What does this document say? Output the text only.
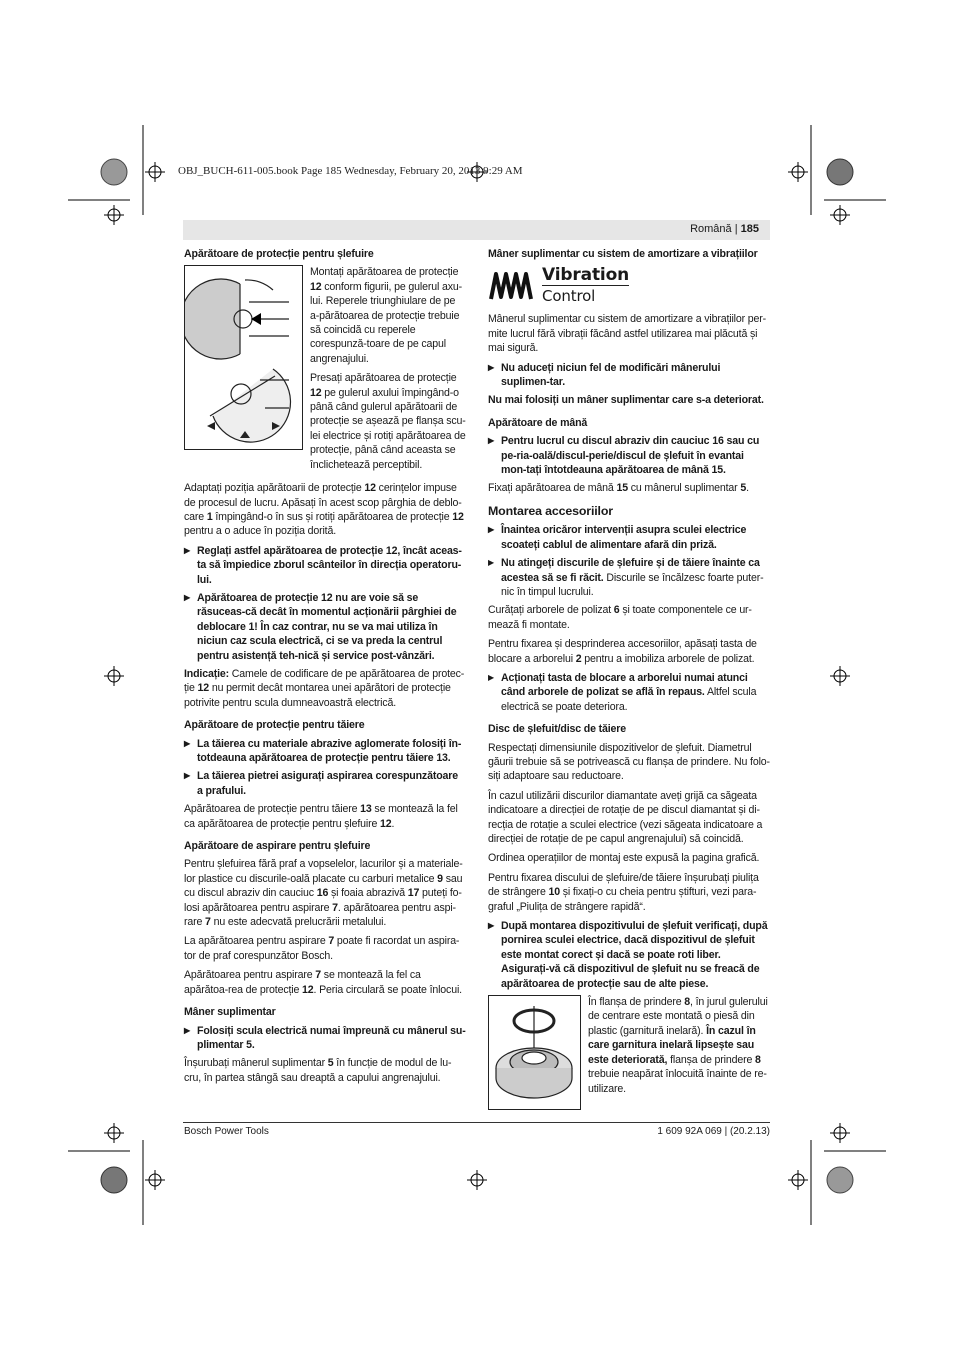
OBJ_BUCH-611-005.book Page 185 Wednesday, February 20, 2013 9:29 AM
Română | 185
Apărătoare de protecție pentru șlefuire

Montați apărătoarea de protecție 12 conform figurii, pe gulerul axu-lui. Reperele triunghiulare de pe a-părătoarea de protecție trebuie să coincidă cu reperele corespunză-toare de pe capul angrenajului.

Presați apărătoarea de protecție 12 pe gulerul axului împingând-o până când gulerul apărătoarii de protecție se așează pe flanșa scu-lei electrice și rotiți apărătoarea de protecție, până când aceasta se înclichetează perceptibil.

Adaptați poziția apărătoarii de protecție 12 cerințelor impuse de procesul de lucru. Apăsați în acest scop pârghia de deblo-care 1 împingând-o în sus și rotiți apărătoarea de protecție 12 pentru a o aduce în poziția dorită.

▶ Reglați astfel apărătoarea de protecție 12, încât aceas-ta să împiedice zborul scânteilor în direcția operatoru-lui.
▶ Apărătoarea de protecție 12 nu are voie să se răsuceas-că decât în momentul acționării pârghiei de deblocare 1! În caz contrar, nu se va mai utiliza în niciun caz scula electrică, ci se va preda la centrul pentru asistență teh-nică și service post-vânzări.

Indicație: Camele de codificare de pe apărătoarea de protec-ție 12 nu permit decât montarea unei apărători de protecție potrivite pentru scula dumneavoastră electrică.

Apărătoare de protecție pentru tăiere
▶ La tăierea cu materiale abrazive aglomerate folosiți în-totdeauna apărătoarea de protecție pentru tăiere 13.
▶ La tăierea pietrei asigurați aspirarea corespunzătoare a prafului.

Apărătoarea de protecție pentru tăiere 13 se montează la fel ca apărătoarea de protecție pentru șlefuire 12.

Apărătoare de aspirare pentru șlefuire

Pentru șlefuirea fără praf a vopselelor, lacurilor și a materiale-lor plastice cu discurile-oală placate cu carburi metalice 9 sau cu discul abraziv din cauciuc 16 și foaia abrazivă 17 puteți fo-losi apărătoarea pentru aspirare 7. apărătoarea pentru aspi-rare 7 nu este adecvată prelucrării metalului.

La apărătoarea pentru aspirare 7 poate fi racordat un aspira-tor de praf corespunzător Bosch.

Apărătoarea pentru aspirare 7 se montează la fel ca apărătoa-rea de protecție 12. Peria circulară se poate înlocui.

Mâner suplimentar
▶ Folosiți scula electrică numai împreună cu mânerul su-plimentar 5.

Înșurubați mânerul suplimentar 5 în funcție de modul de lu-cru, în partea stângă sau dreaptă a capului angrenajului.

Mâner suplimentar cu sistem de amortizare a vibrațiilor
Vibration
Control

Mânerul suplimentar cu sistem de amortizare a vibrațiilor per-mite lucrul fără vibrații făcând astfel utilizarea mai plăcută și mai sigură.

▶ Nu aduceți niciun fel de modificări mânerului suplimen-tar.

Nu mai folosiți un mâner suplimentar care s-a deteriorat.

Apărătoare de mână
▶ Pentru lucrul cu discul abraziv din cauciuc 16 sau cu pe-ria-oală/discul-perie/discul de șlefuit în evantai mon-tați întotdeauna apărătoarea de mână 15.

Fixați apărătoarea de mână 15 cu mânerul suplimentar 5.

Montarea accesoriilor
▶ Înaintea oricăror intervenții asupra sculei electrice scoateți cablul de alimentare afară din priză.
▶ Nu atingeți discurile de șlefuire și de tăiere înainte ca acestea să se fi răcit. Discurile se încălzesc foarte puter-nic în timpul lucrului.

Curățați arborele de polizat 6 și toate componentele ce ur-mează fi montate.

Pentru fixarea și desprinderea accesoriilor, apăsați tasta de blocare a arborelui 2 pentru a imobiliza arborele de polizat.

▶ Acționați tasta de blocare a arborelui numai atunci când arborele de polizat se află în repaus. Altfel scula electrică se poate deteriora.
Disc de șlefuit/disc de tăiere

Respectați dimensiunile dispozitivelor de șlefuit. Diametrul găurii trebuie să se potrivească cu flanșa de prindere. Nu folo-siți adaptoare sau reductoare.

În cazul utilizării discurilor diamantate aveți grijă ca săgeata indicatoare a direcției de rotație de pe discul diamantat și di-recția de rotație a sculei electrice (vezi săgeata indicatoare a direcției de rotație de pe capul angrenajului) să coincidă.

Ordinea operațiilor de montaj este expusă la pagina grafică.

Pentru fixarea discului de șlefuire/de tăiere înșurubați piulița de strângere 10 și fixați-o cu cheia pentru știfturi, vezi para-graful „Piulița de strângere rapidă“.

▶ După montarea dispozitivului de șlefuit verificați, după pornirea sculei electrice, dacă dispozitivul de șlefuit este montat corect și dacă se poate roti liber. Asigurați-vă că dispozitivul de șlefuit nu se freacă de apărătoarea de protecție sau de alte piese.

În flanșa de prindere 8, în jurul gulerului de centrare este montată o piesă din plastic (garnitură inelară). În cazul în care garnitura inelară lipsește sau este deteriorată, flanșa de prindere 8 trebuie neapărat înlocuită înainte de re-utilizare.

Bosch Power Tools	1 609 92A 069 | (20.2.13)
